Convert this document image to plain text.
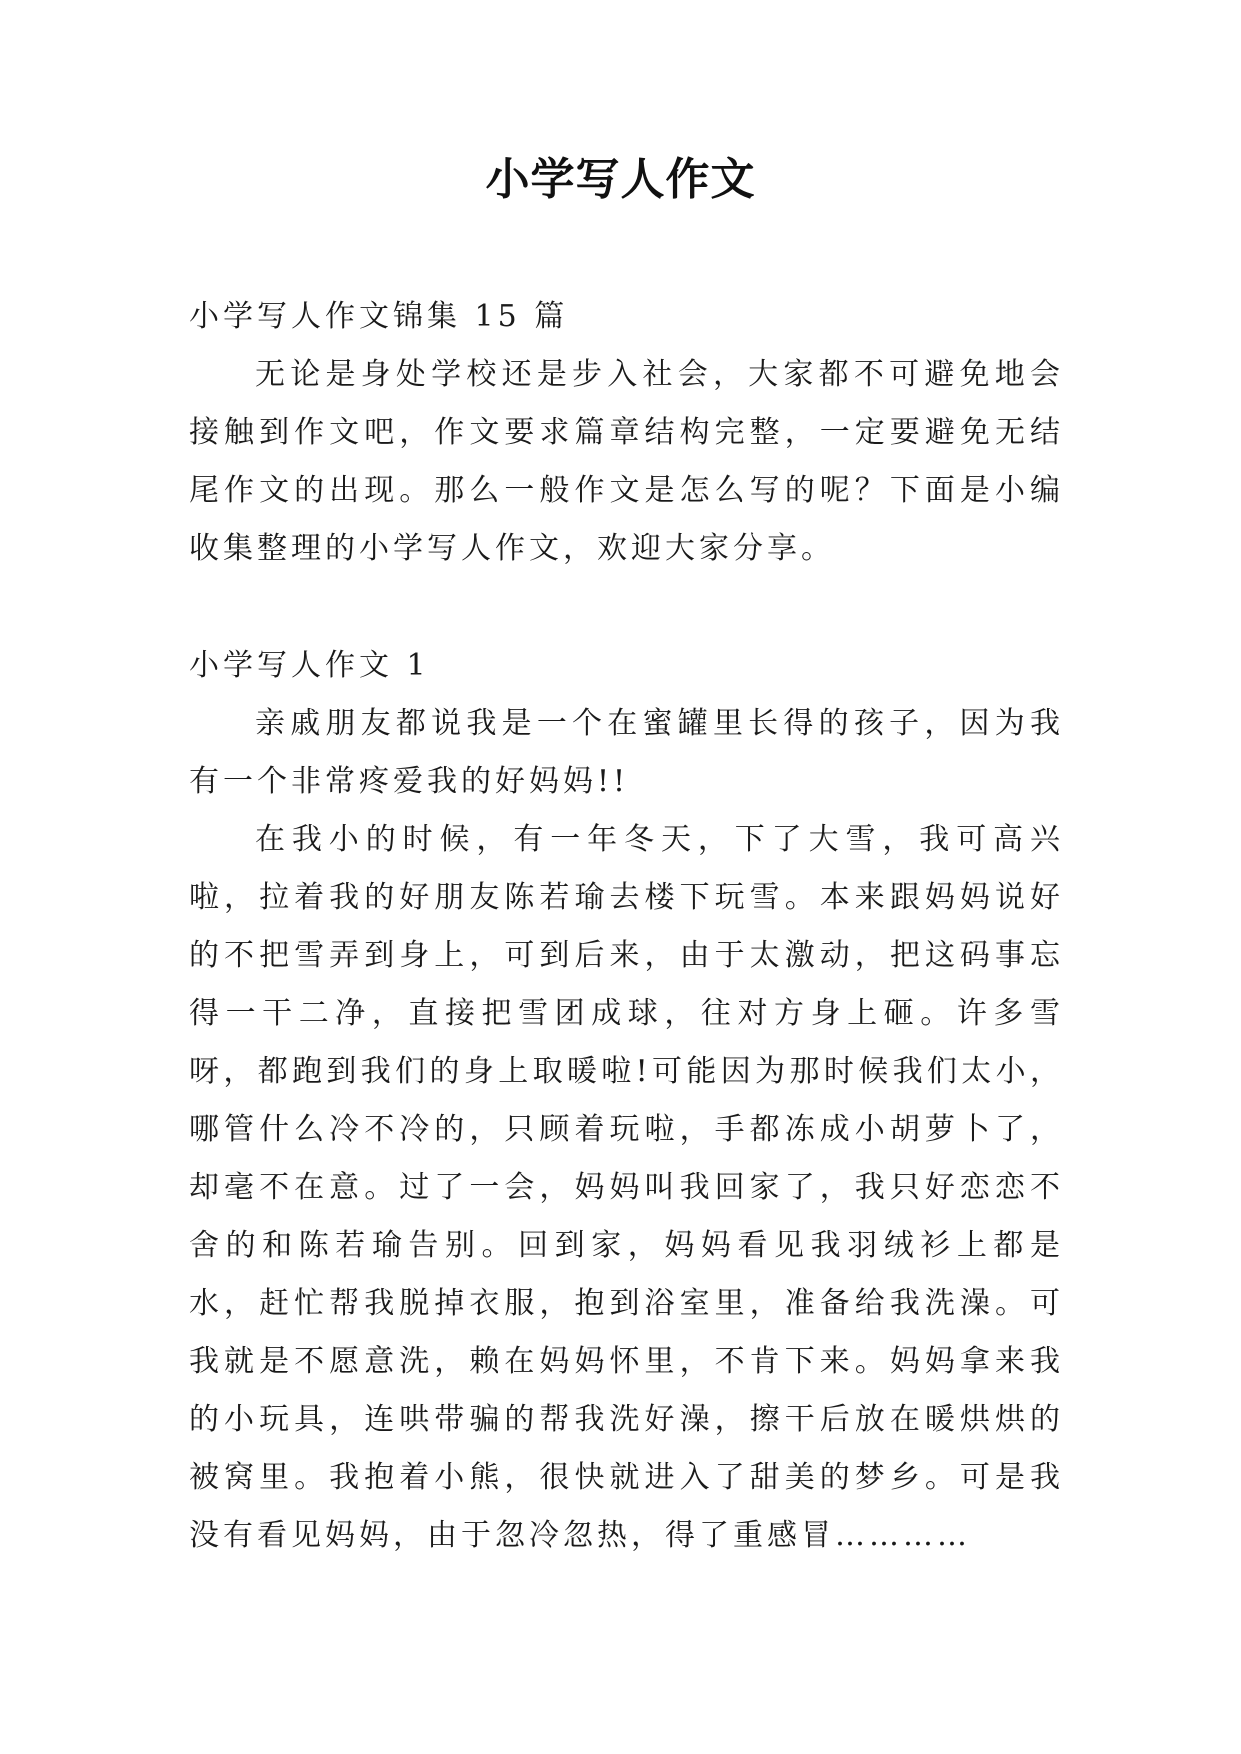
小学写人作文

小学写人作文锦集 15 篇

无论是身处学校还是步入社会，大家都不可避免地会接触到作文吧，作文要求篇章结构完整，一定要避免无结尾作文的出现。那么一般作文是怎么写的呢？下面是小编收集整理的小学写人作文，欢迎大家分享。

小学写人作文 1

亲戚朋友都说我是一个在蜜罐里长得的孩子，因为我有一个非常疼爱我的好妈妈!!

在我小的时候，有一年冬天，下了大雪，我可高兴啦，拉着我的好朋友陈若瑜去楼下玩雪。本来跟妈妈说好的不把雪弄到身上，可到后来，由于太激动，把这码事忘得一干二净，直接把雪团成球，往对方身上砸。许多雪呀，都跑到我们的身上取暖啦!可能因为那时候我们太小，哪管什么冷不冷的，只顾着玩啦，手都冻成小胡萝卜了，却毫不在意。过了一会，妈妈叫我回家了，我只好恋恋不舍的和陈若瑜告别。回到家，妈妈看见我羽绒衫上都是水，赶忙帮我脱掉衣服，抱到浴室里，准备给我洗澡。可我就是不愿意洗，赖在妈妈怀里，不肯下来。妈妈拿来我的小玩具，连哄带骗的帮我洗好澡，擦干后放在暖烘烘的被窝里。我抱着小熊，很快就进入了甜美的梦乡。可是我没有看见妈妈，由于忽冷忽热，得了重感冒…………
